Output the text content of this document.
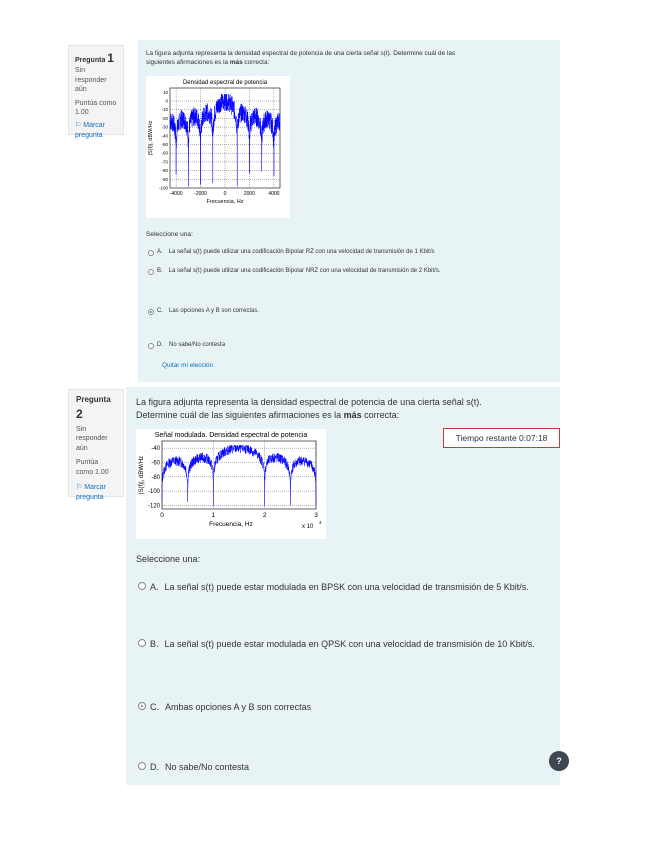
Pregunta 1
Sin responder aún
Puntúa como 1.00
⚐ Marcar pregunta
La figura adjunta representa la densidad espectral de potencia de una cierta señal s(t). Determine cuál de las
siguientes afirmaciones es la más correcta:
Densidad espectral de potencia
-4000 -2000	0	2000	4000
10
0
-10
-20
-30
-40
-50
-60
-70
-80
-90
-100
Frecuencia, Hz
|S(f)|, dBW/Hz
Seleccione una:
A. La señal s(t) puede utilizar una codificación Bipolar RZ con una velocidad de transmisión de 1 Kbit/s
B. La señal s(t) puede utilizar una codificación Bipolar NRZ con una velocidad de transmisión de 2 Kbit/s.
C. Las opciones A y B son correctas.
D. No sabe/No contesta
Quitar mi elección
Pregunta 2
Sin responder aún
Puntúa como 1.00
⚐ Marcar pregunta
La figura adjunta representa la densidad espectral de potencia de una cierta señal s(t).
Determine cuál de las siguientes afirmaciones es la más correcta:
Señal modulada. Densidad espectral de potencia
0	1	2	3
-40
-60
-80
-100
-120
Frecuencia, Hz	x 10
4
|S(f)|, dBW/Hz
Seleccione una:
A. La señal s(t) puede estar modulada en BPSK con una velocidad de transmisión de 5 Kbit/s.
B. La señal s(t) puede estar modulada en QPSK con una velocidad de transmisión de 10 Kbit/s.
C. Ambas opciones A y B son correctas
D. No sabe/No contesta
Tiempo restante 0:07:18
?
